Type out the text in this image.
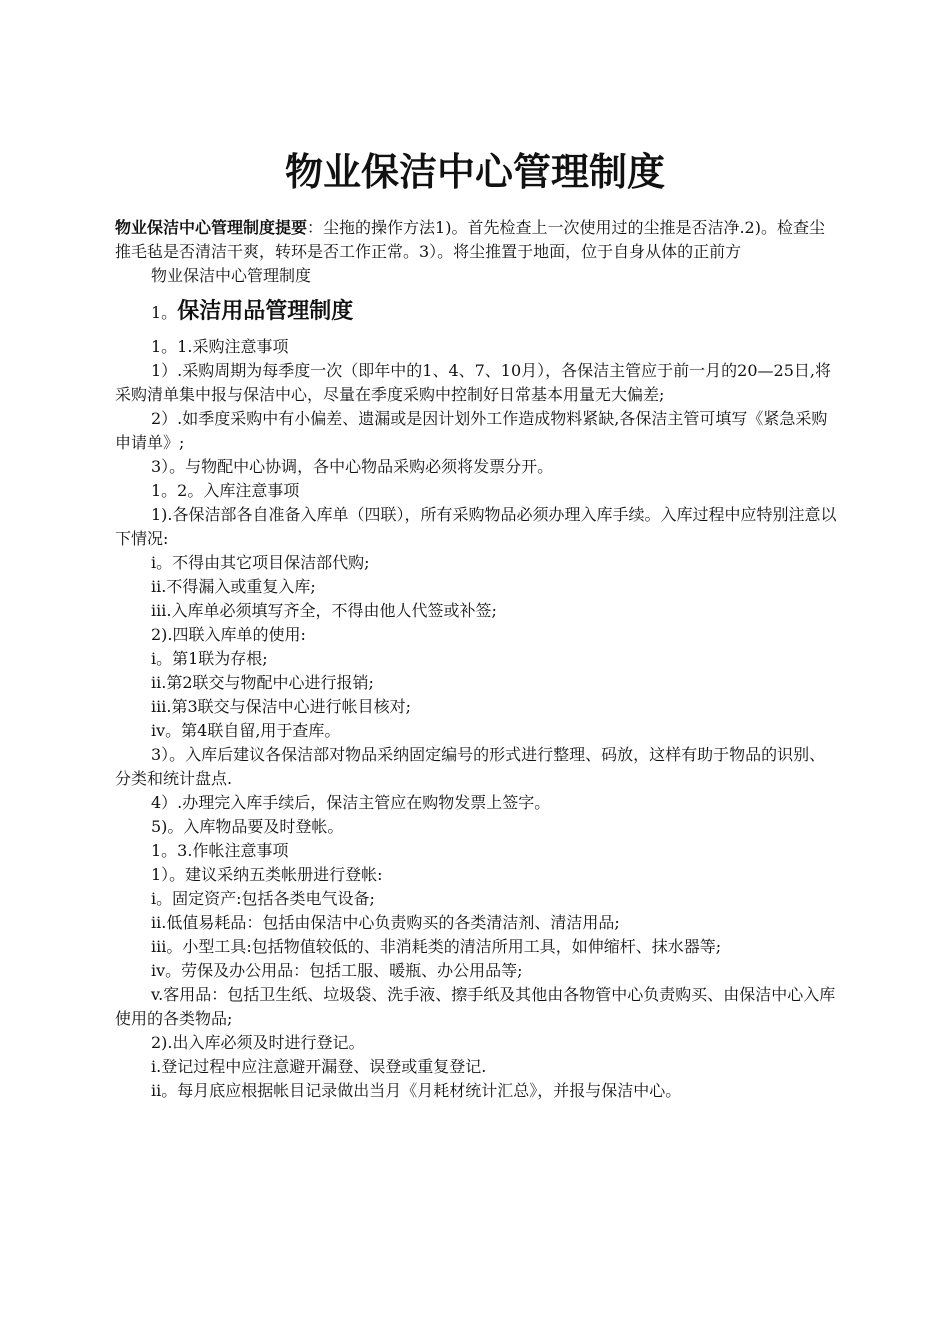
物业保洁中心管理制度

物业保洁中心管理制度提要：尘拖的操作方法1)。首先检查上一次使用过的尘推是否洁净.2)。检查尘推毛毡是否清洁干爽，转环是否工作正常。3）。将尘推置于地面，位于自身从体的正前方

物业保洁中心管理制度

1。保洁用品管理制度

1。1.采购注意事项

1）.采购周期为每季度一次（即年中的1、4、7、10月），各保洁主管应于前一月的20—25日,将采购清单集中报与保洁中心，尽量在季度采购中控制好日常基本用量无大偏差;

2）.如季度采购中有小偏差、遗漏或是因计划外工作造成物料紧缺,各保洁主管可填写《紧急采购申请单》;

3）。与物配中心协调，各中心物品采购必须将发票分开。

1。2。入库注意事项

1).各保洁部各自准备入库单（四联），所有采购物品必须办理入库手续。入库过程中应特别注意以下情况:

i。不得由其它项目保洁部代购;

ii.不得漏入或重复入库;

iii.入库单必须填写齐全，不得由他人代签或补签;

2).四联入库单的使用:

i。第1联为存根;

ii.第2联交与物配中心进行报销;

iii.第3联交与保洁中心进行帐目核对;

iv。第4联自留,用于查库。

3）。入库后建议各保洁部对物品采纳固定编号的形式进行整理、码放，这样有助于物品的识别、分类和统计盘点.

4）.办理完入库手续后，保洁主管应在购物发票上签字。

5)。入库物品要及时登帐。

1。3.作帐注意事项

1）。建议采纳五类帐册进行登帐:

i。固定资产:包括各类电气设备;

ii.低值易耗品：包括由保洁中心负责购买的各类清洁剂、清洁用品;

iii。小型工具:包括物值较低的、非消耗类的清洁所用工具，如伸缩杆、抹水器等;

iv。劳保及办公用品：包括工服、暖瓶、办公用品等;

v.客用品：包括卫生纸、垃圾袋、洗手液、擦手纸及其他由各物管中心负责购买、由保洁中心入库使用的各类物品;

2).出入库必须及时进行登记。

i.登记过程中应注意避开漏登、误登或重复登记.

ii。每月底应根据帐目记录做出当月《月耗材统计汇总》，并报与保洁中心。
